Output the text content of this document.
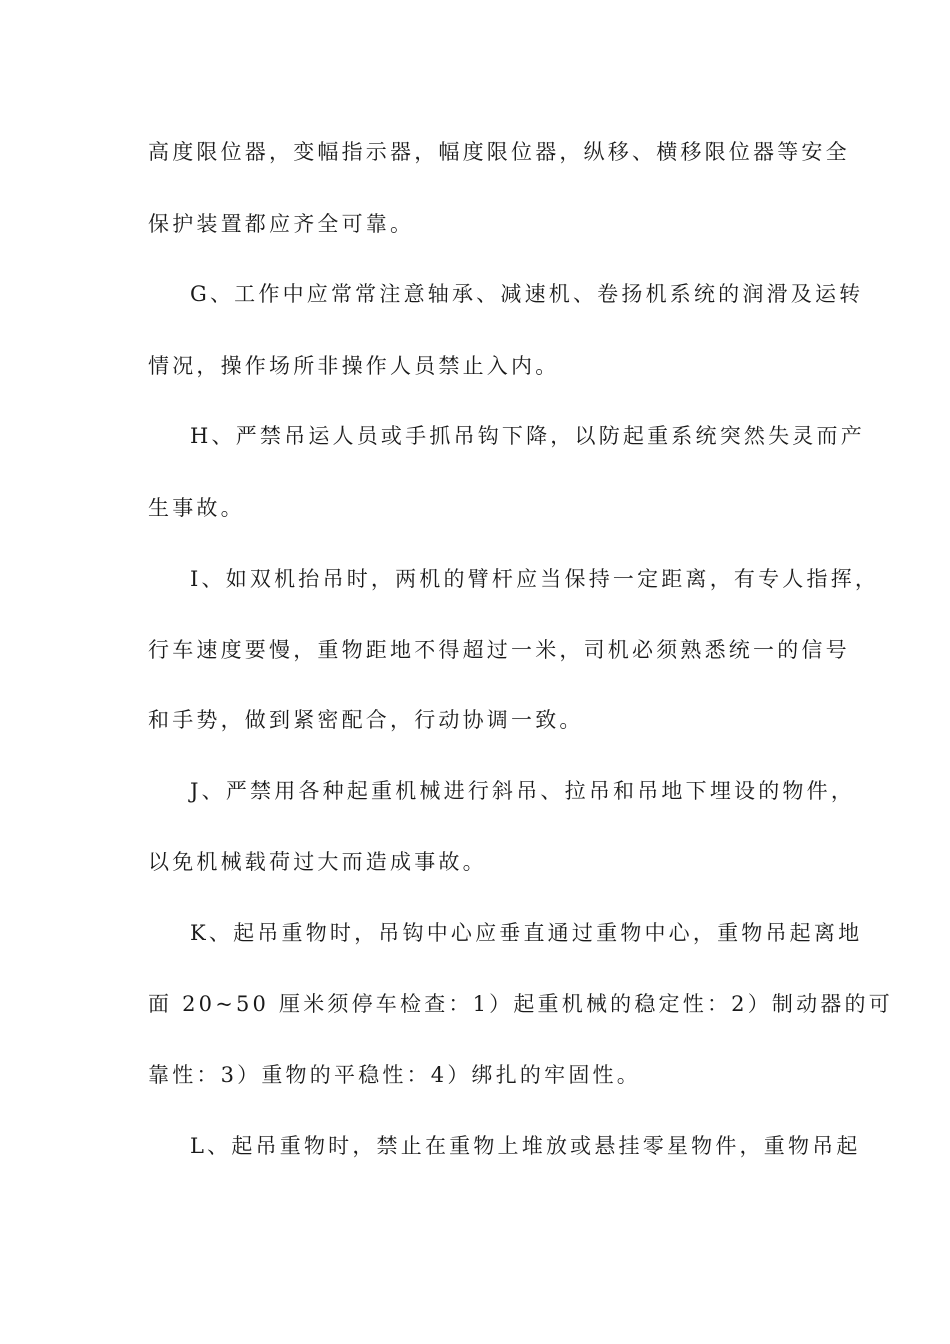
高度限位器，变幅指示器，幅度限位器，纵移、横移限位器等安全
保护装置都应齐全可靠。
G、工作中应常常注意轴承、减速机、卷扬机系统的润滑及运转
情况，操作场所非操作人员禁止入内。
H、严禁吊运人员或手抓吊钩下降，以防起重系统突然失灵而产
生事故。
I、如双机抬吊时，两机的臂杆应当保持一定距离，有专人指挥，
行车速度要慢，重物距地不得超过一米，司机必须熟悉统一的信号
和手势，做到紧密配合，行动协调一致。
J、严禁用各种起重机械进行斜吊、拉吊和吊地下埋设的物件，
以免机械载荷过大而造成事故。
K、起吊重物时，吊钩中心应垂直通过重物中心，重物吊起离地
面 20~50 厘米须停车检查：1）起重机械的稳定性：2）制动器的可
靠性：3）重物的平稳性：4）绑扎的牢固性。
L、起吊重物时，禁止在重物上堆放或悬挂零星物件，重物吊起
